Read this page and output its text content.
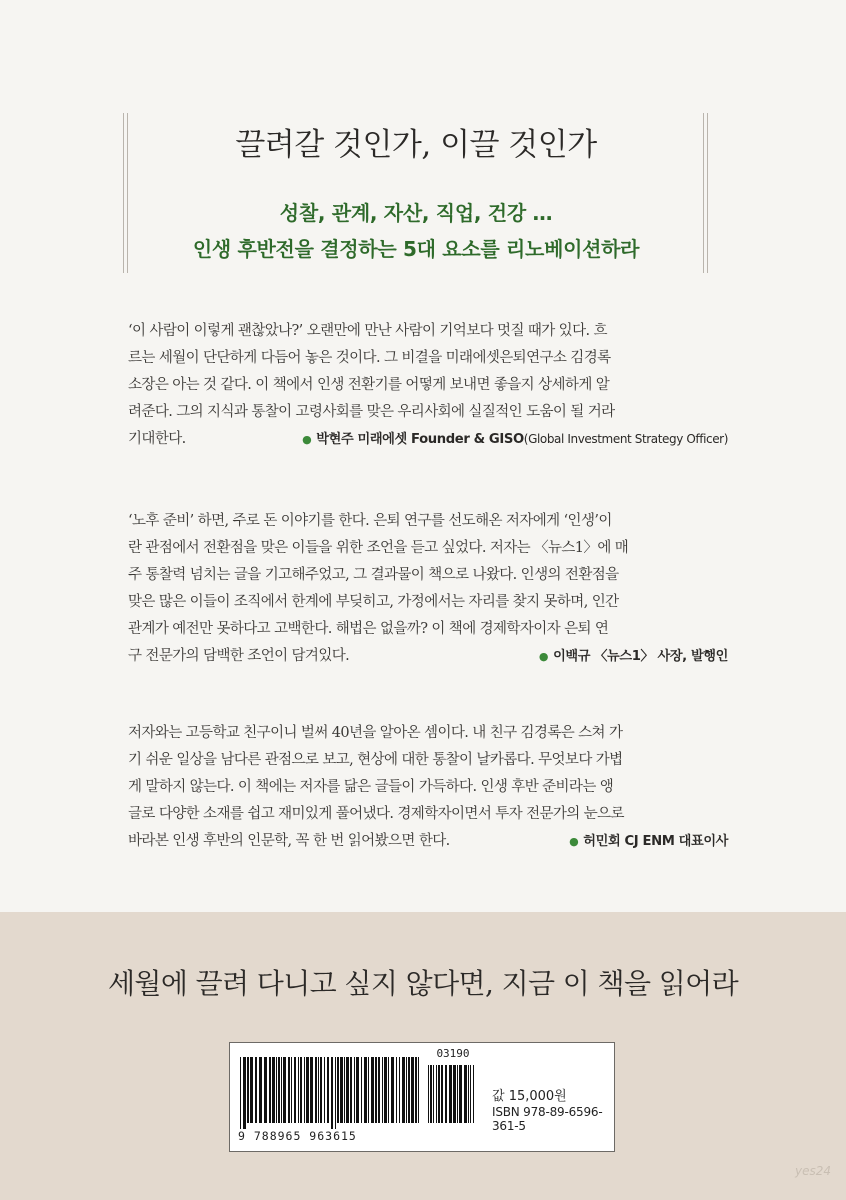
끌려갈 것인가, 이끌 것인가
성찰, 관계, 자산, 직업, 건강 …
인생 후반전을 결정하는 5대 요소를 리노베이션하라
‘이 사람이 이렇게 괜찮았나?’ 오랜만에 만난 사람이 기억보다 멋질 때가 있다. 흐
르는 세월이 단단하게 다듬어 놓은 것이다. 그 비결을 미래에셋은퇴연구소 김경록
소장은 아는 것 같다. 이 책에서 인생 전환기를 어떻게 보내면 좋을지 상세하게 알
려준다. 그의 지식과 통찰이 고령사회를 맞은 우리사회에 실질적인 도움이 될 거라
기대한다.	● 박현주 미래에셋 Founder & GISO(Global Investment Strategy Officer)
‘노후 준비’ 하면, 주로 돈 이야기를 한다. 은퇴 연구를 선도해온 저자에게 ‘인생’이
란 관점에서 전환점을 맞은 이들을 위한 조언을 듣고 싶었다. 저자는 〈뉴스1〉에 매
주 통찰력 넘치는 글을 기고해주었고, 그 결과물이 책으로 나왔다. 인생의 전환점을
맞은 많은 이들이 조직에서 한계에 부딪히고, 가정에서는 자리를 찾지 못하며, 인간
관계가 예전만 못하다고 고백한다. 해법은 없을까? 이 책에 경제학자이자 은퇴 연
구 전문가의 담백한 조언이 담겨있다.	● 이백규 〈뉴스1〉 사장, 발행인
저자와는 고등학교 친구이니 벌써 40년을 알아온 셈이다. 내 친구 김경록은 스쳐 가
기 쉬운 일상을 남다른 관점으로 보고, 현상에 대한 통찰이 날카롭다. 무엇보다 가볍
게 말하지 않는다. 이 책에는 저자를 닮은 글들이 가득하다. 인생 후반 준비라는 앵
글로 다양한 소재를 쉽고 재미있게 풀어냈다. 경제학자이면서 투자 전문가의 눈으로
바라본 인생 후반의 인문학, 꼭 한 번 읽어봤으면 한다.	● 허민회 CJ ENM 대표이사
세월에 끌려 다니고 싶지 않다면, 지금 이 책을 읽어라
03190
9 788965 963615
값 15,000원
ISBN 978-89-6596-361-5
yes24
